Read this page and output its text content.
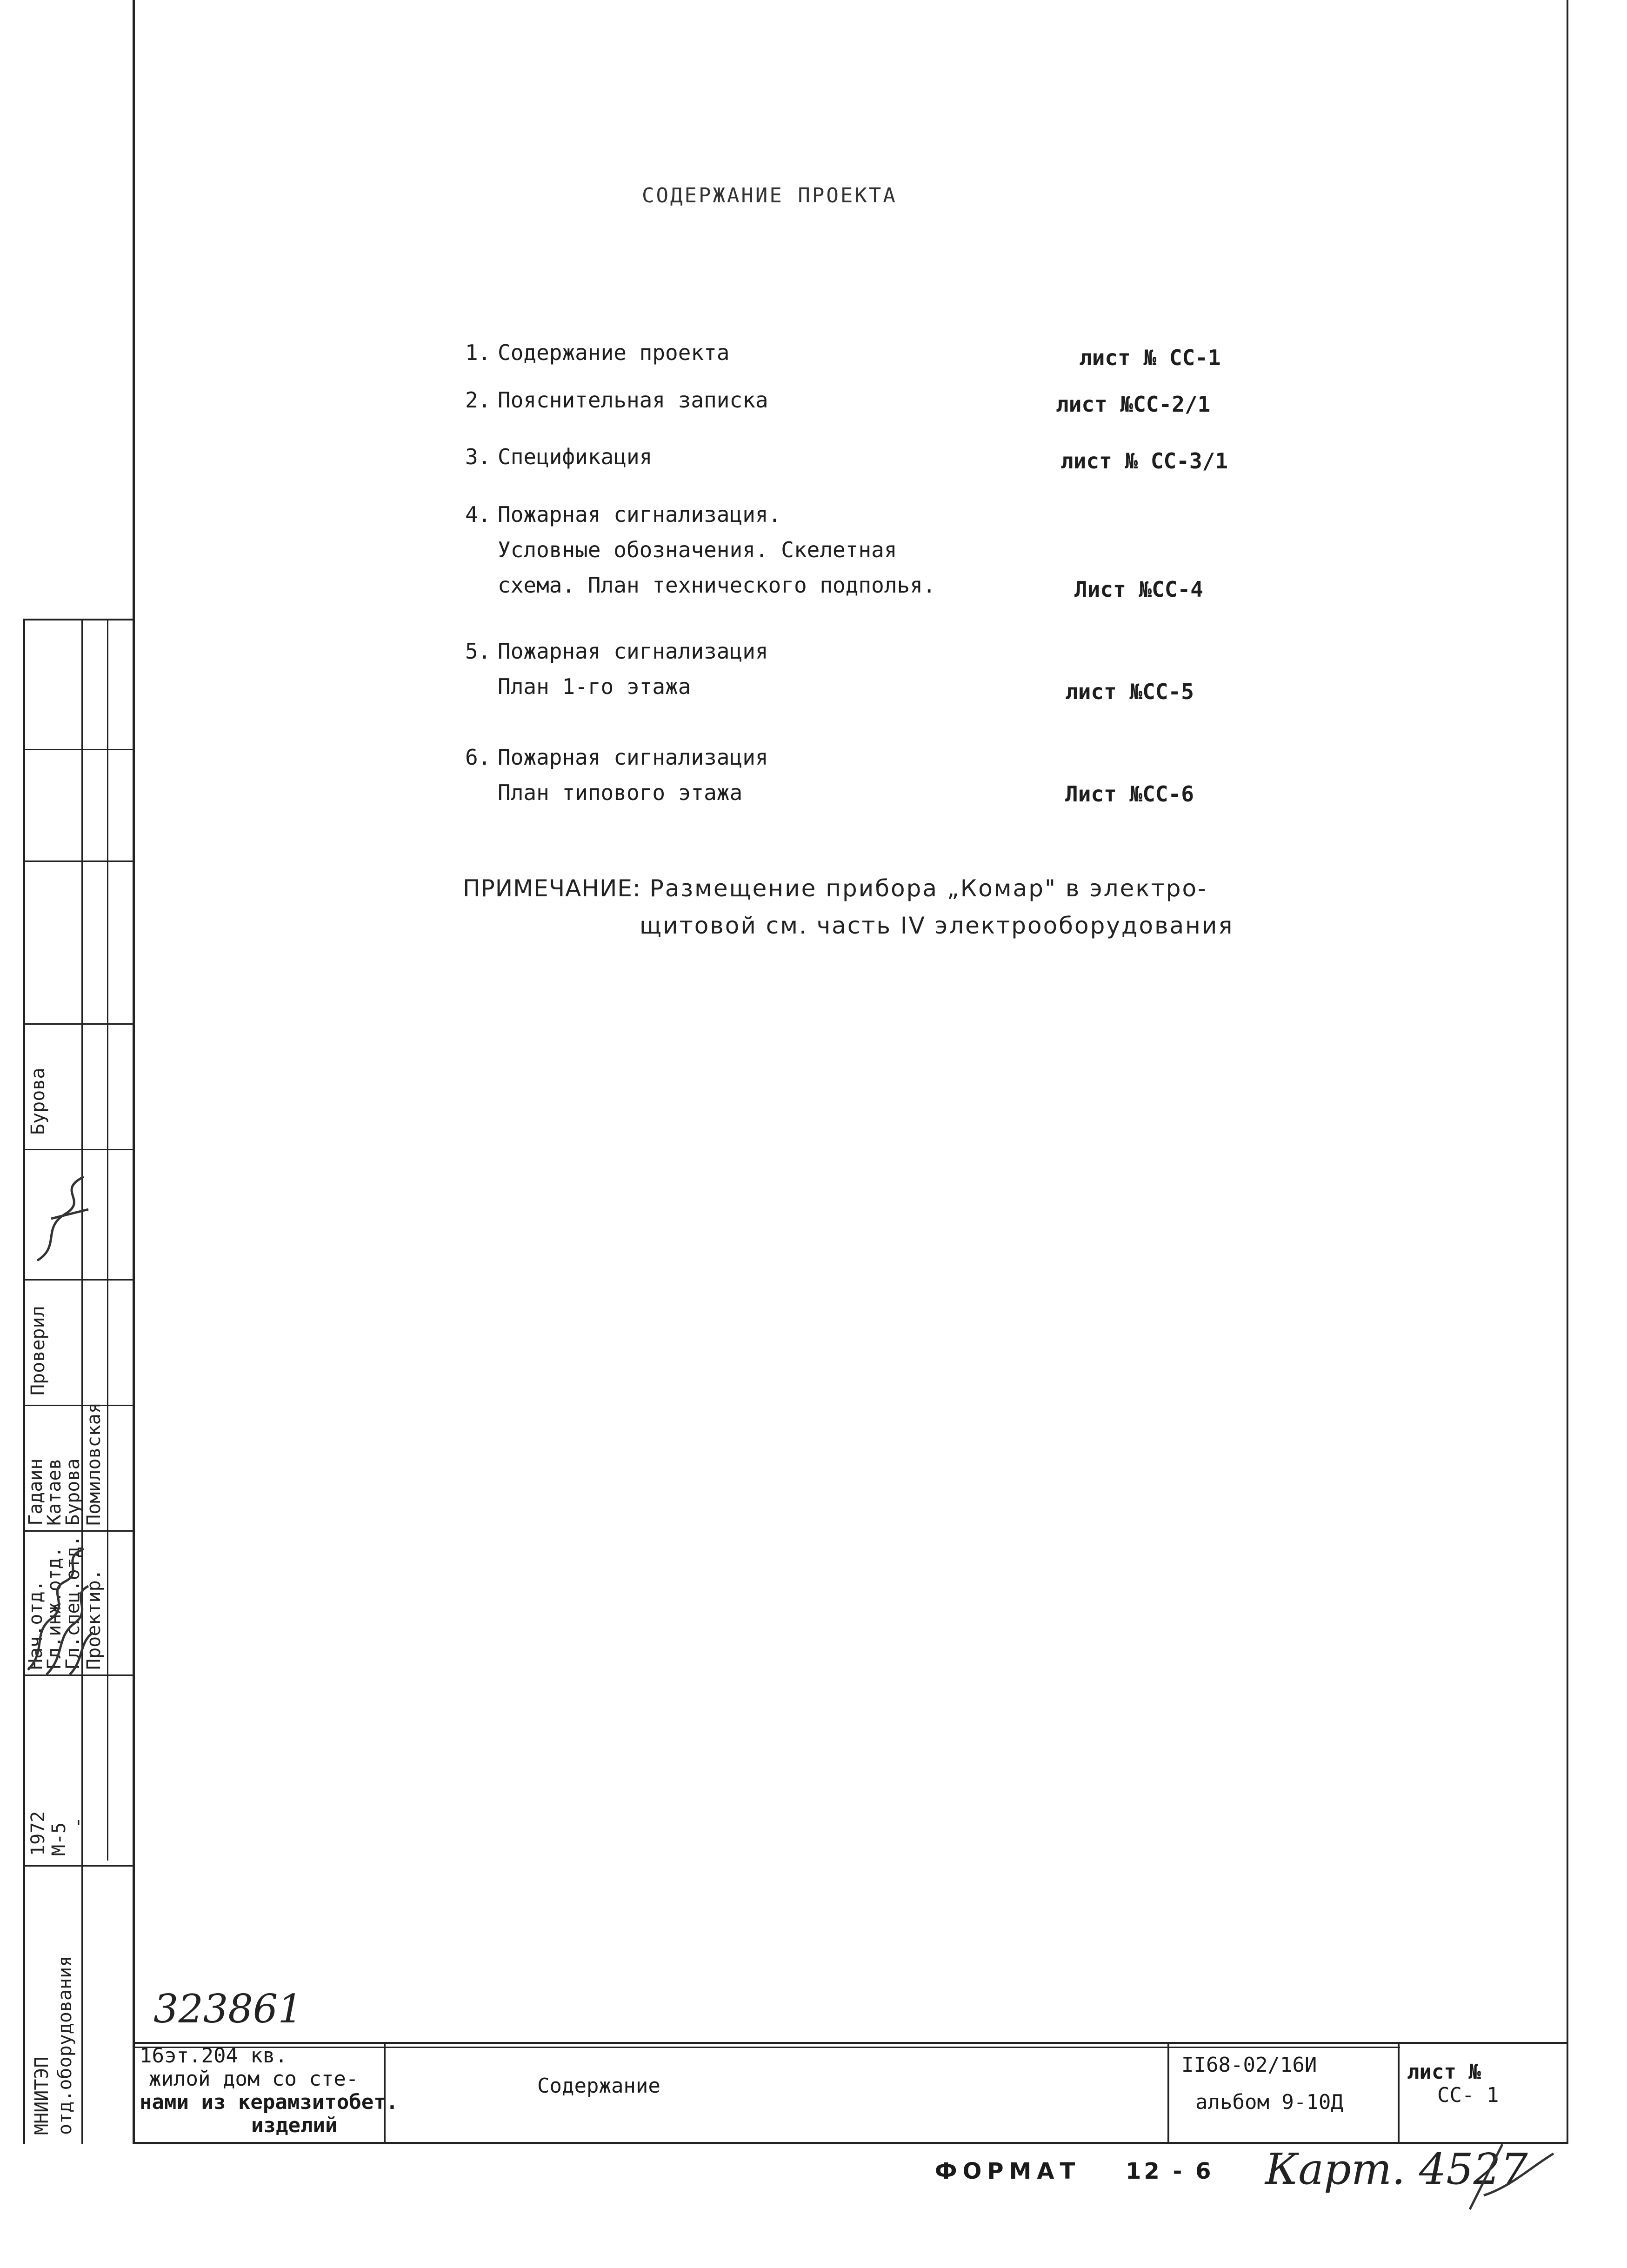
СОДЕРЖАНИЕ ПРОЕКТА
1. Содержание проекта	лист № СС-1
2. Пояснительная записка	лист №СС-2/1
3. Спецификация	лист № СС-3/1
4. Пожарная сигнализация.
Условные обозначения. Скелетная
схема. План технического подполья.	Лист №СС-4
5. Пожарная сигнализация
План 1-го этажа	лист №СС-5
6. Пожарная сигнализация
План типового этажа	Лист №СС-6
ПРИМЕЧАНИЕ: Размещение прибора „Комар" в электро-
щитовой см. часть IV электрооборудования
МНИИТЭП отд.оборудования
1972 М-5
-
Нач.отд.
Гл.инж.отд.
Гл.спец.отд. Проектир.
Гадаин
Катаев
Бурова Помиловская
Проверил
Бурова
323861
16эт.204 кв.
жилой дом со сте-
нами из керамзитобет.
изделий
Содержание
II68-02/16И
альбом 9-10Д
лист №
СС- 1
ФОРМАТ 12 - 6 Карт. 4527
